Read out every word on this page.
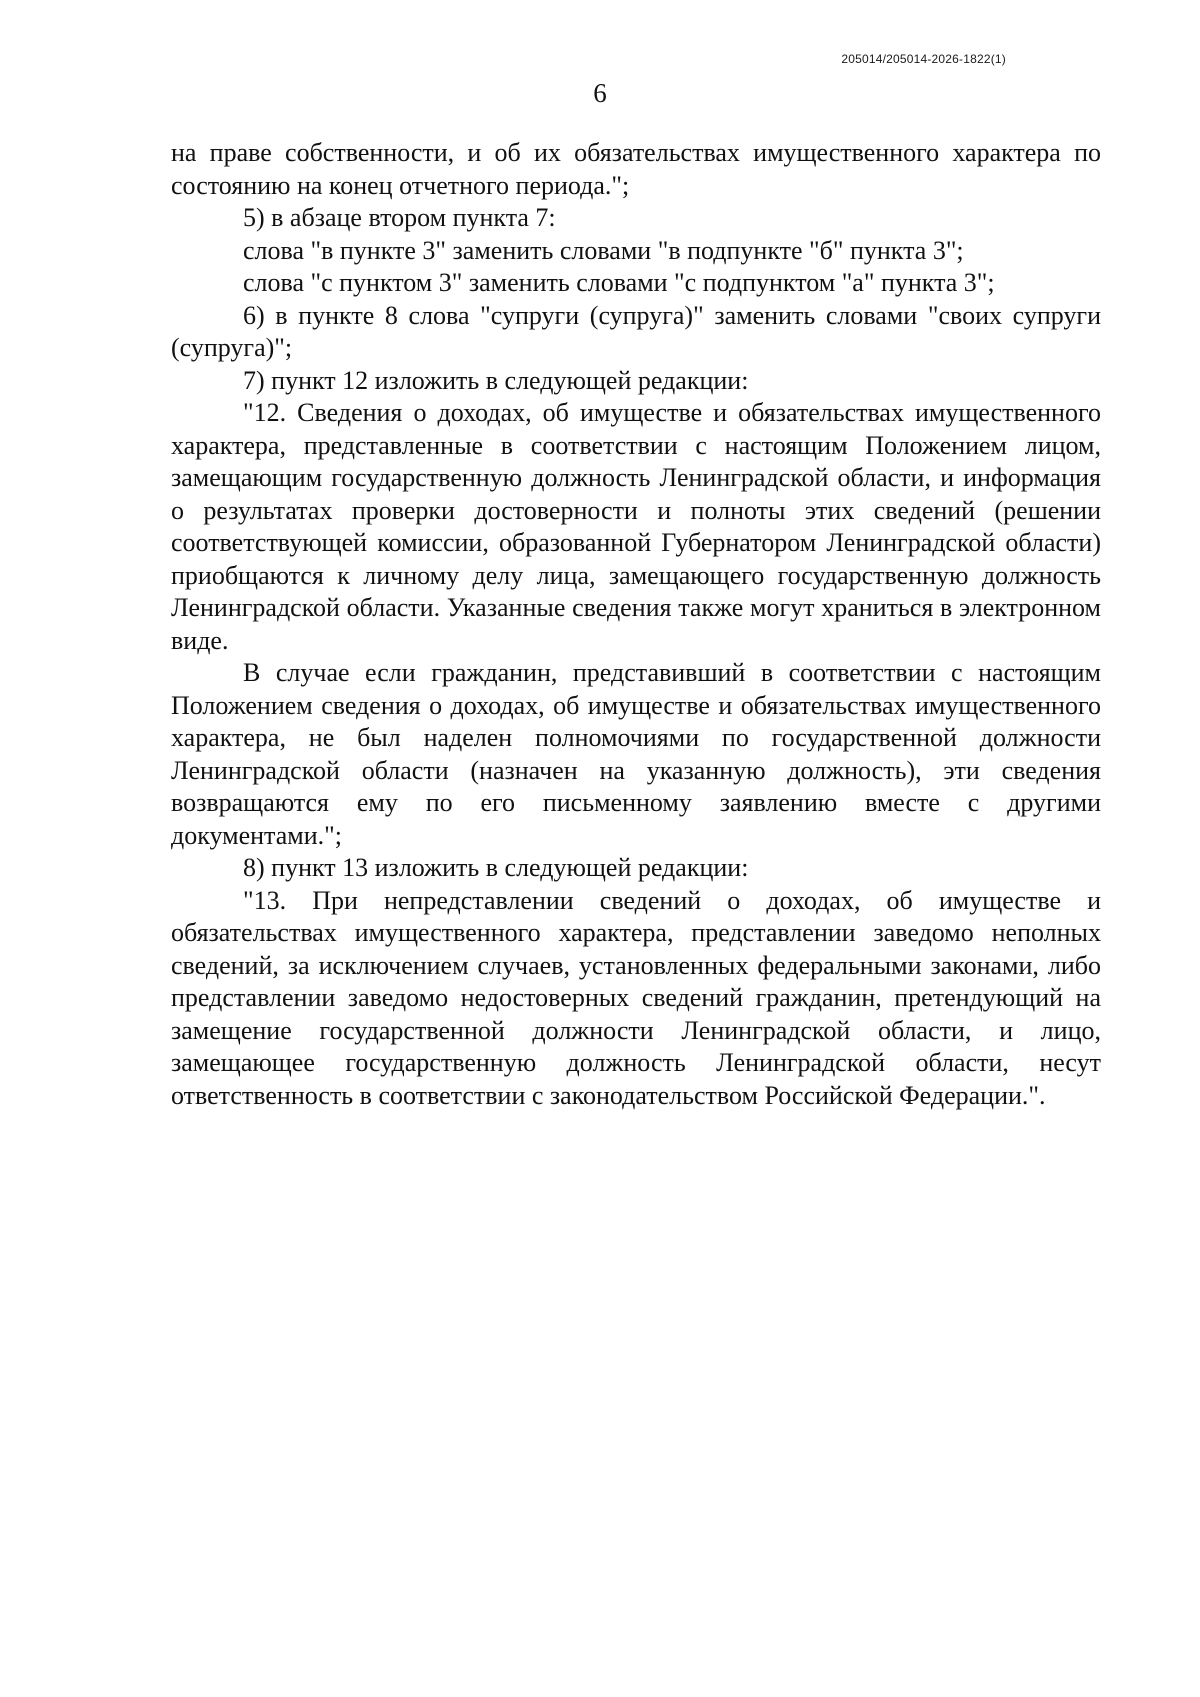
205014/205014-2026-1822(1)
6

на праве собственности, и об их обязательствах имущественного характера по состоянию на конец отчетного периода.";

5) в абзаце втором пункта 7:

слова "в пункте 3" заменить словами "в подпункте "б" пункта 3";

слова "с пунктом 3" заменить словами "с подпунктом "а" пункта 3";

6) в пункте 8 слова "супруги (супруга)" заменить словами "своих супруги (супруга)";

7) пункт 12 изложить в следующей редакции:

"12. Сведения о доходах, об имуществе и обязательствах имущественного характера, представленные в соответствии с настоящим Положением лицом, замещающим государственную должность Ленинградской области, и информация о результатах проверки достоверности и полноты этих сведений (решении соответствующей комиссии, образованной Губернатором Ленинградской области) приобщаются к личному делу лица, замещающего государственную должность Ленинградской области. Указанные сведения также могут храниться в электронном виде.

В случае если гражданин, представивший в соответствии с настоящим Положением сведения о доходах, об имуществе и обязательствах имущественного характера, не был наделен полномочиями по государственной должности Ленинградской области (назначен на указанную должность), эти сведения возвращаются ему по его письменному заявлению вместе с другими документами.";

8) пункт 13 изложить в следующей редакции:

"13. При непредставлении сведений о доходах, об имуществе и обязательствах имущественного характера, представлении заведомо неполных сведений, за исключением случаев, установленных федеральными законами, либо представлении заведомо недостоверных сведений гражданин, претендующий на замещение государственной должности Ленинградской области, и лицо, замещающее государственную должность Ленинградской области, несут ответственность в соответствии с законодательством Российской Федерации.".
